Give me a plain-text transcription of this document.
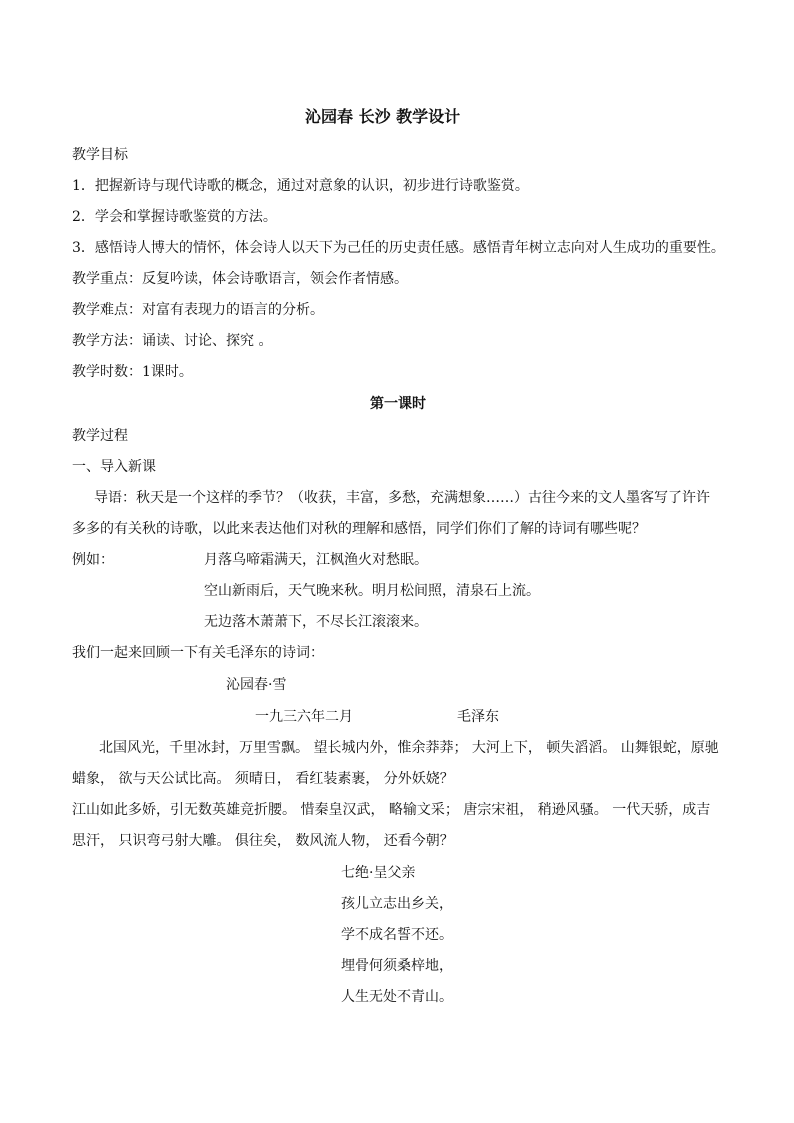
沁园春 长沙 教学设计
教学目标
1．把握新诗与现代诗歌的概念，通过对意象的认识，初步进行诗歌鉴赏。
2．学会和掌握诗歌鉴赏的方法。
3．感悟诗人博大的情怀，体会诗人以天下为己任的历史责任感。感悟青年树立志向对人生成功的重要性。
教学重点：反复吟读，体会诗歌语言，领会作者情感。
教学难点：对富有表现力的语言的分析。
教学方法：诵读、讨论、探究 。
教学时数：1课时。
第一课时
教学过程
一、导入新课
导语：秋天是一个这样的季节？（收获，丰富，多愁，充满想象……）古往今来的文人墨客写了许许
多多的有关秋的诗歌，以此来表达他们对秋的理解和感悟，同学们你们了解的诗词有哪些呢？
例如：	月落乌啼霜满天，江枫渔火对愁眠。
空山新雨后，天气晚来秋。明月松间照，清泉石上流。
无边落木萧萧下，不尽长江滚滚来。
我们一起来回顾一下有关毛泽东的诗词：
沁园春·雪
一九三六年二月	毛泽东
北国风光，千里冰封，万里雪飘。 望长城内外，惟余莽莽； 大河上下， 顿失滔滔。 山舞银蛇，原驰
蜡象， 欲与天公试比高。 须晴日， 看红装素裹， 分外妖娆？
江山如此多娇，引无数英雄竞折腰。 惜秦皇汉武， 略输文采； 唐宗宋祖， 稍逊风骚。 一代天骄，成吉
思汗， 只识弯弓射大雕。 俱往矣， 数风流人物， 还看今朝？
七绝·呈父亲
孩儿立志出乡关，
学不成名誓不还。
埋骨何须桑梓地，
人生无处不青山。
